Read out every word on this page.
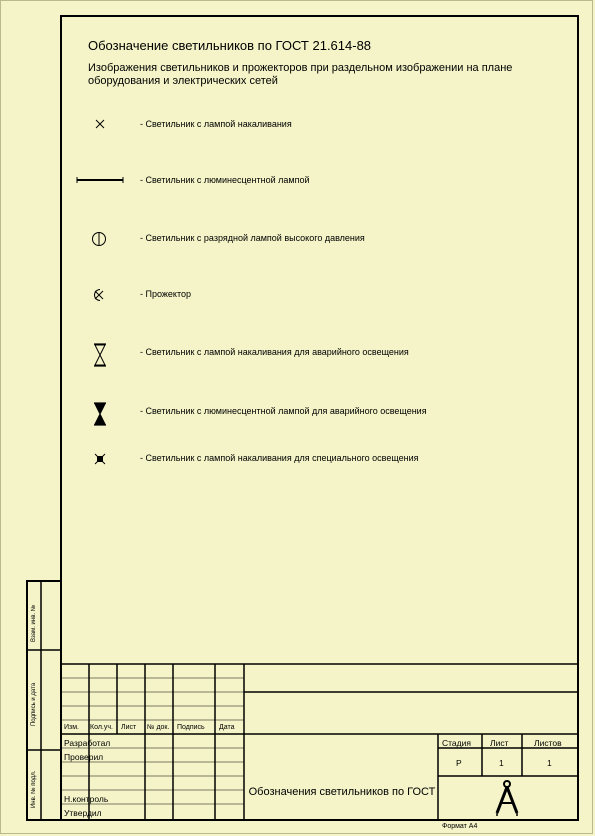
Обозначение светильников по ГОСТ 21.614-88
Изображения светильников и прожекторов при раздельном изображении на плане оборудования и электрических сетей
- Светильник с лампой накаливания
- Светильник с люминесцентной лампой
- Светильник с разрядной лампой высокого давления
- Прожектор
- Светильник с лампой накаливания для аварийного освещения
- Светильник с люминесцентной лампой для аварийного освещения
- Светильник с лампой накаливания для специального освещения
Взам. инв. №
Подпись и дата
Инв. № подл.
Изм. Кол.уч. Лист № док. Подпись Дата
Разработал
Проверил
Н.контроль
Утвердил
Стадия Лист	Листов
Р	1	1
Обозначения светильников по ГОСТ
Формат А4
